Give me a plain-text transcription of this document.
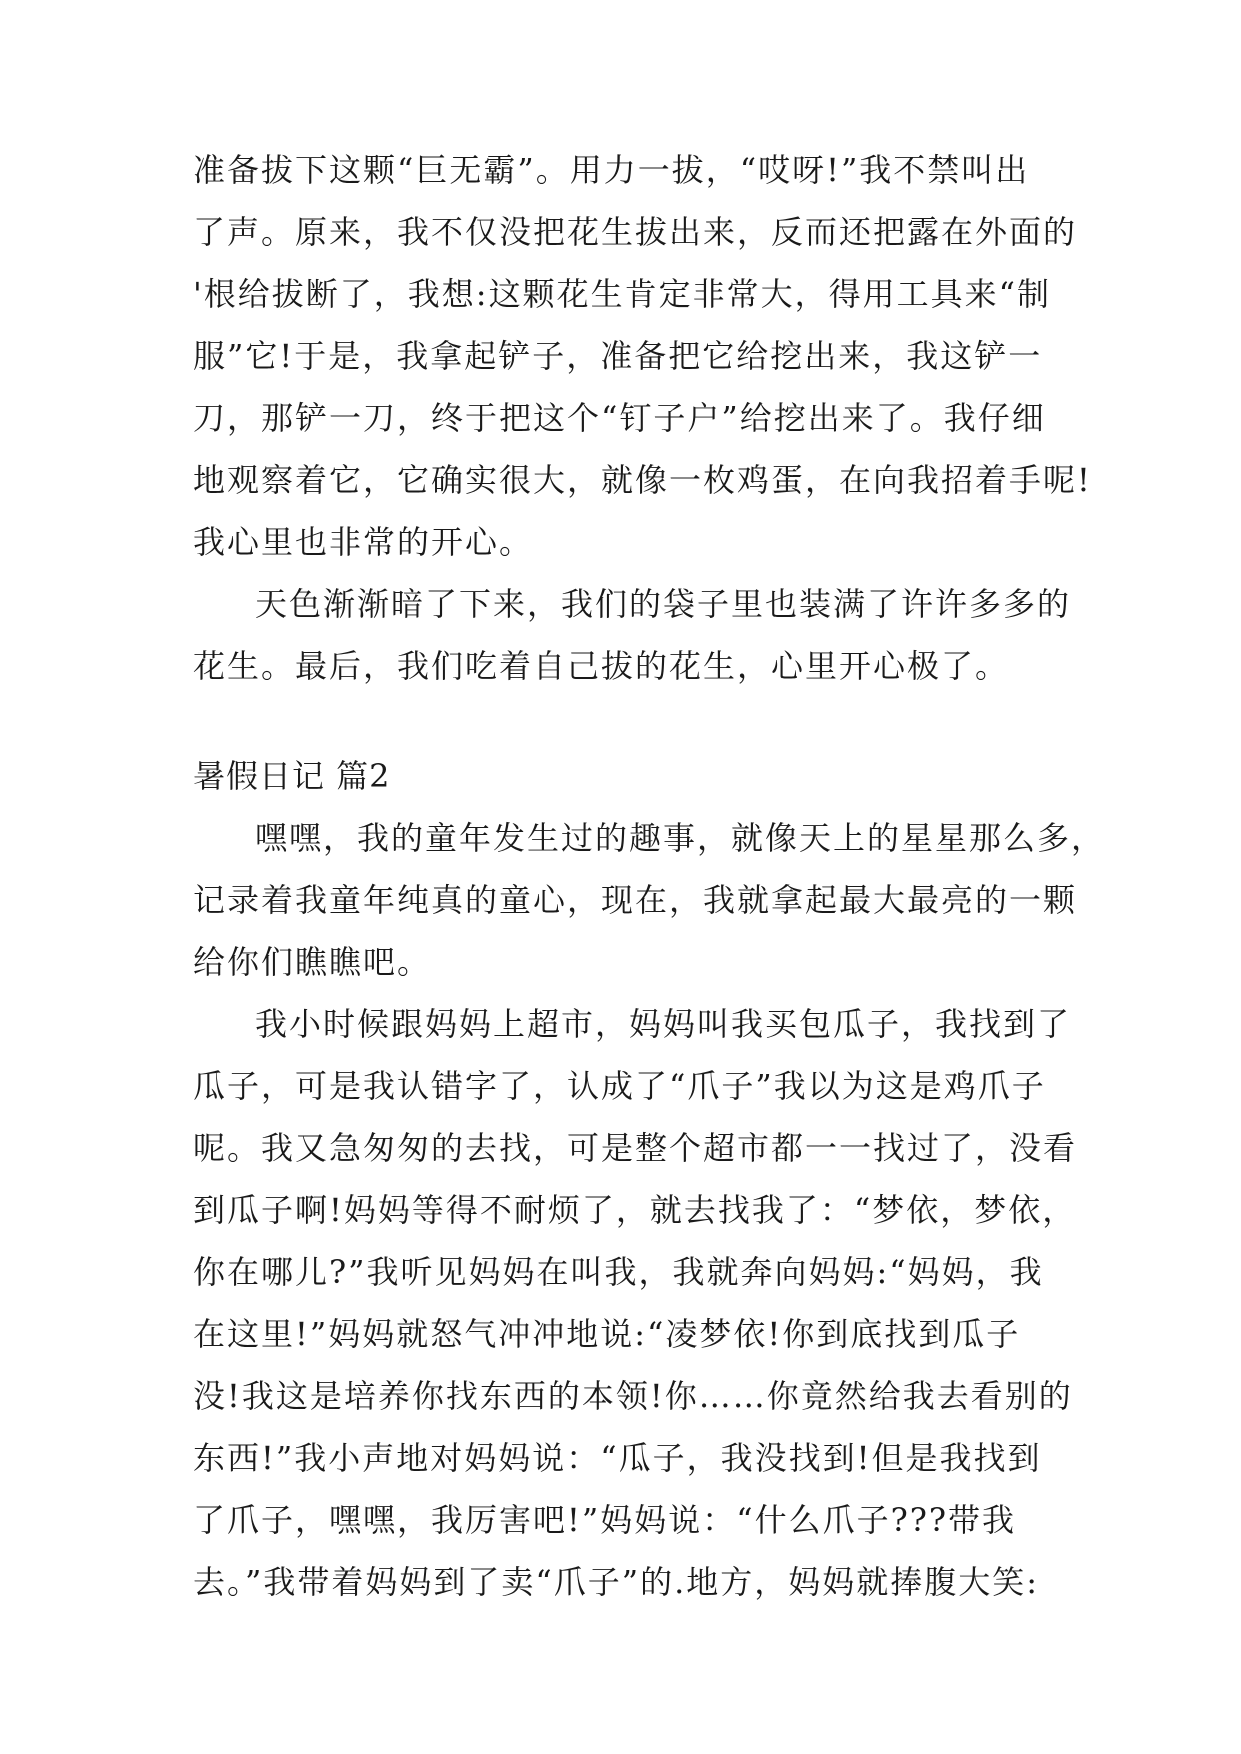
准备拔下这颗“巨无霸”。用力一拔，“哎呀!”我不禁叫出
了声。原来，我不仅没把花生拔出来，反而还把露在外面的
'根给拔断了，我想:这颗花生肯定非常大，得用工具来“制
服”它!于是，我拿起铲子，准备把它给挖出来，我这铲一
刀，那铲一刀，终于把这个“钉子户”给挖出来了。我仔细
地观察着它，它确实很大，就像一枚鸡蛋，在向我招着手呢!
我心里也非常的开心。
天色渐渐暗了下来，我们的袋子里也装满了许许多多的
花生。最后，我们吃着自己拔的花生，心里开心极了。
暑假日记 篇2
嘿嘿，我的童年发生过的趣事，就像天上的星星那么多，
记录着我童年纯真的童心，现在，我就拿起最大最亮的一颗
给你们瞧瞧吧。
我小时候跟妈妈上超市，妈妈叫我买包瓜子，我找到了
瓜子，可是我认错字了，认成了“爪子”我以为这是鸡爪子
呢。我又急匆匆的去找，可是整个超市都一一找过了，没看
到瓜子啊!妈妈等得不耐烦了，就去找我了：“梦依，梦依，
你在哪儿?”我听见妈妈在叫我，我就奔向妈妈:“妈妈，我
在这里!”妈妈就怒气冲冲地说:“凌梦依!你到底找到瓜子
没!我这是培养你找东西的本领!你……你竟然给我去看别的
东西!”我小声地对妈妈说：“瓜子，我没找到!但是我找到
了爪子，嘿嘿，我厉害吧!”妈妈说：“什么爪子???带我
去。”我带着妈妈到了卖“爪子”的.地方，妈妈就捧腹大笑:
